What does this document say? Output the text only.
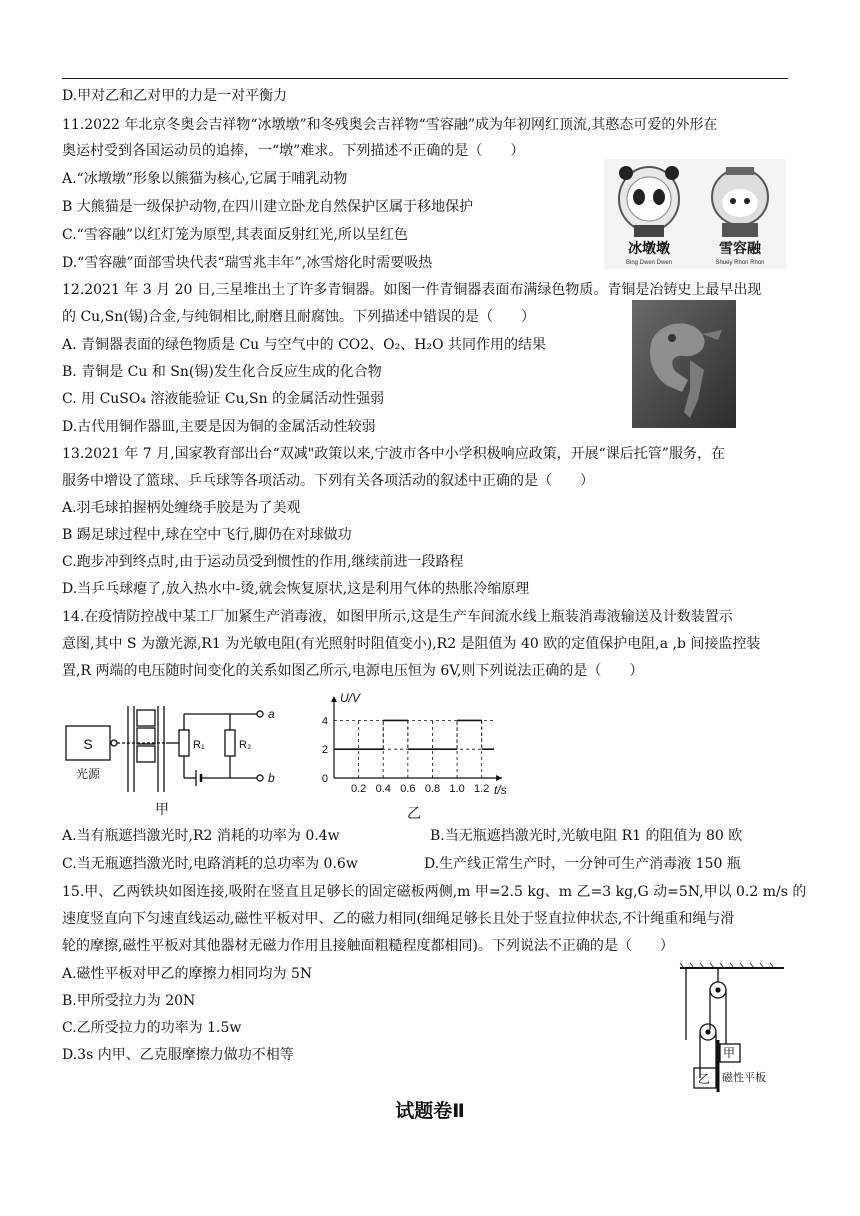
D.甲对乙和乙对甲的力是一对平衡力
11.2022 年北京冬奥会吉祥物“冰墩墩”和冬残奥会吉祥物“雪容融”成为年初网红顶流,其憨态可爱的外形在
奥运村受到各国运动员的追捧，一“墩”难求。下列描述不正确的是（　　）
A.“冰墩墩”形象以熊猫为核心,它属于哺乳动物
B 大熊猫是一级保护动物,在四川建立卧龙自然保护区属于移地保护
C.“雪容融”以红灯笼为原型,其表面反射红光,所以呈红色
D.“雪容融”面部雪块代表“瑞雪兆丰年”,冰雪熔化时需要吸热
冰墩墩
Bing Dwen Dwen
雪容融
Shuey Rhon Rhon
12.2021 年 3 月 20 日,三星堆出土了许多青铜器。如图一件青铜器表面布满绿色物质。青铜是冶铸史上最早出现
的 Cu,Sn(锡)合金,与纯铜相比,耐磨且耐腐蚀。下列描述中错误的是（　　）
A. 青铜器表面的绿色物质是 Cu 与空气中的 CO2、O₂、H₂O 共同作用的结果
B. 青铜是 Cu 和 Sn(锡)发生化合反应生成的化合物
C. 用 CuSO₄ 溶液能验证 Cu,Sn 的金属活动性强弱
D.古代用铜作器皿,主要是因为铜的金属活动性较弱
13.2021 年 7 月,国家教育部出台“双减"政策以来,宁波市各中小学积极响应政策，开展“课后托管”服务，在
服务中增设了篮球、乒乓球等各项活动。下列有关各项活动的叙述中正确的是（　　）
A.羽毛球拍握柄处缠绕手胶是为了美观
B 踢足球过程中,球在空中飞行,脚仍在对球做功
C.跑步冲到终点时,由于运动员受到惯性的作用,继续前进一段路程
D.当乒乓球瘪了,放入热水中-烫,就会恢复原状,这是利用气体的热胀冷缩原理
14.在疫情防控战中某工厂加紧生产消毒液，如图甲所示,这是生产车间流水线上瓶装消毒液输送及计数装置示
意图,其中 S 为激光源,R1 为光敏电阻(有光照射时阻值变小),R2 是阻值为 40 欧的定值保护电阻,a ,b 间接监控装
置,R 两端的电压随时间变化的关系如图乙所示,电源电压恒为 6V,则下列说法正确的是（　　）
S
光源
R₁	R₂
a
b
甲
0
2
4
0.2 0.4 0.6 0.8 1.0 1.2
U/V
t/s
乙
A.当有瓶遮挡激光时,R2 消耗的功率为 0.4w	B.当无瓶遮挡激光时,光敏电阻 R1 的阻值为 80 欧
C.当无瓶遮挡激光时,电路消耗的总功率为 0.6w	D.生产线正常生产时，一分钟可生产消毒液 150 瓶
15.甲、乙两铁块如图连接,吸附在竖直且足够长的固定磁板两侧,m 甲=2.5 kg、m 乙=3 kg,G 动=5N,甲以 0.2 m/s 的
速度竖直向下匀速直线运动,磁性平板对甲、乙的磁力相同(细绳足够长且处于竖直拉伸状态,不计绳重和绳与滑
轮的摩擦,磁性平板对其他器材无磁力作用且接触面粗糙程度都相同)。下列说法不正确的是（　　）
A.磁性平板对甲乙的摩擦力相同均为 5N
B.甲所受拉力为 20N
C.乙所受拉力的功率为 1.5w
D.3s 内甲、乙克服摩擦力做功不相等	甲
乙 磁性平板
试题卷Ⅱ
